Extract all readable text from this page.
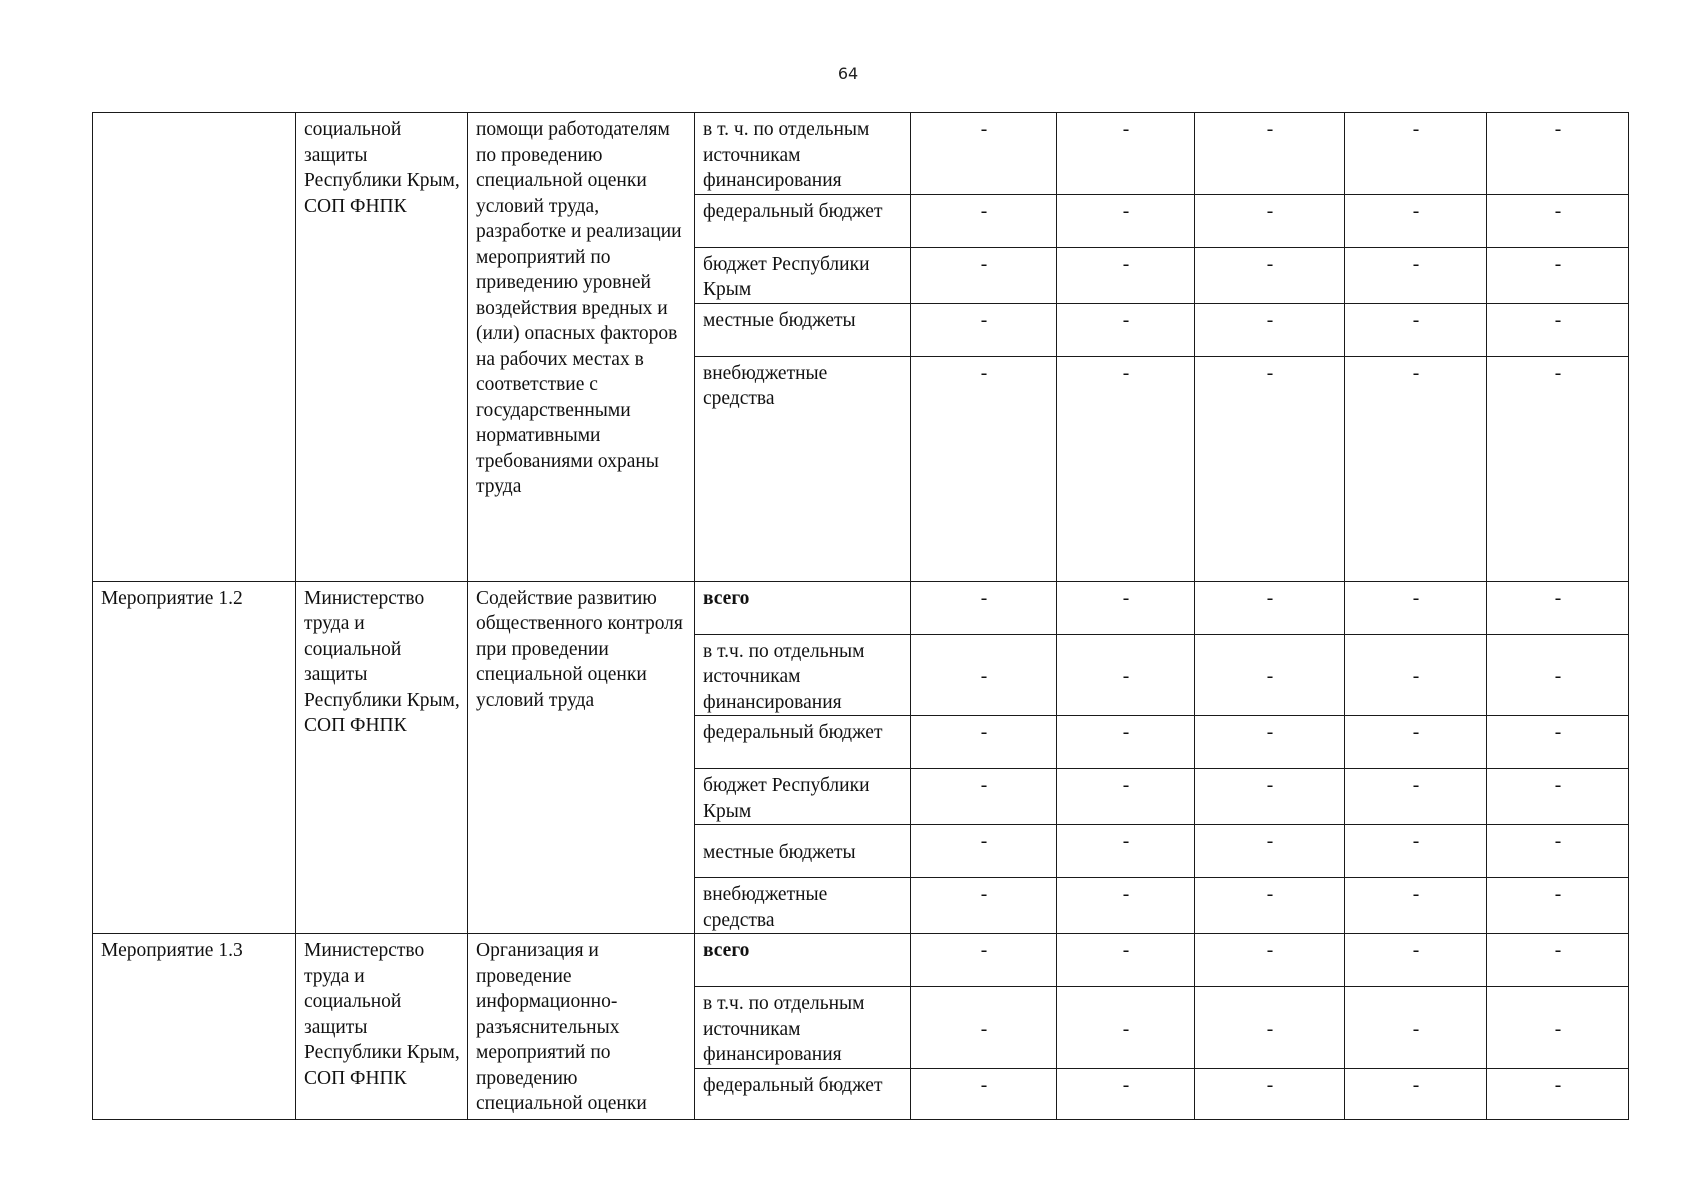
64
	социальной защиты Республики Крым, СОП ФНПК	помощи работодателям по проведению специальной оценки условий труда, разработке и реализации мероприятий по приведению уровней воздействия вредных и (или) опасных факторов на рабочих местах в соответствие с государственными нормативными требованиями охраны труда	в т. ч. по отдельным источникам финансирования	-	-	-	-	-
			федеральный бюджет	-	-	-	-	-
			бюджет Республики Крым	-	-	-	-	-
			местные бюджеты	-	-	-	-	-
			внебюджетные средства	-	-	-	-	-
Мероприятие 1.2	Министерство труда и социальной защиты Республики Крым, СОП ФНПК	Содействие развитию общественного контроля при проведении специальной оценки условий труда	всего	-	-	-	-	-
			в т.ч. по отдельным источникам финансирования	-	-	-	-	-
			федеральный бюджет	-	-	-	-	-
			бюджет Республики Крым	-	-	-	-	-
			местные бюджеты	-	-	-	-	-
			внебюджетные средства	-	-	-	-	-
Мероприятие 1.3	Министерство труда и социальной защиты Республики Крым, СОП ФНПК	Организация и проведение информационно-разъяснительных мероприятий по проведению специальной оценки	всего	-	-	-	-	-
			в т.ч. по отдельным источникам финансирования	-	-	-	-	-
			федеральный бюджет	-	-	-	-	-
